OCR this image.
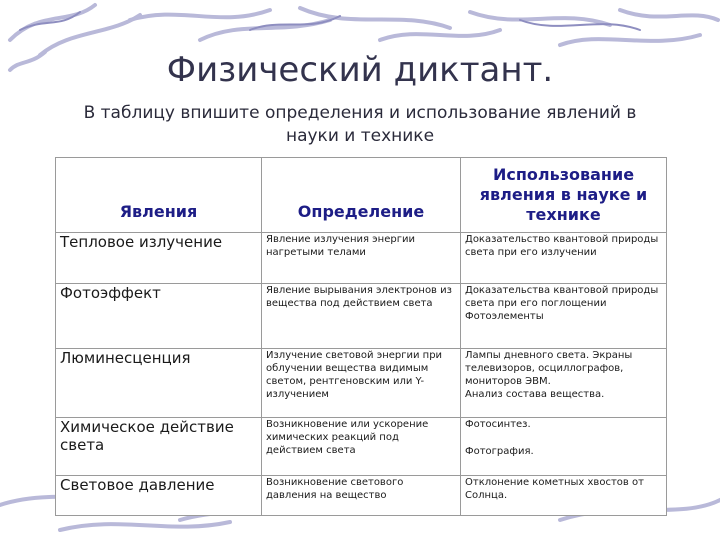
Физический диктант.
В таблицу впишите определения и использование явлений в науки и технике
Явления	Определение	Использование явления в науке и технике
Тепловое излучение	Явление излучения энергии нагретыми телами	Доказательство квантовой природы света при его излучении
Фотоэффект	Явление вырывания электронов из вещества под действием света	Доказательства квантовой природы света при его поглощении
Фотоэлементы
Люминесценция	Излучение световой энергии при облучении вещества видимым светом, рентгеновским или Y-излучением	Лампы дневного света. Экраны телевизоров, осциллографов, мониторов ЭВМ.
Анализ состава вещества.
Химическое действие света	Возникновение или ускорение химических реакций под действием света	Фотосинтез.
Фотография.
Световое давление	Возникновение светового давления на вещество	Отклонение кометных хвостов от Солнца.
